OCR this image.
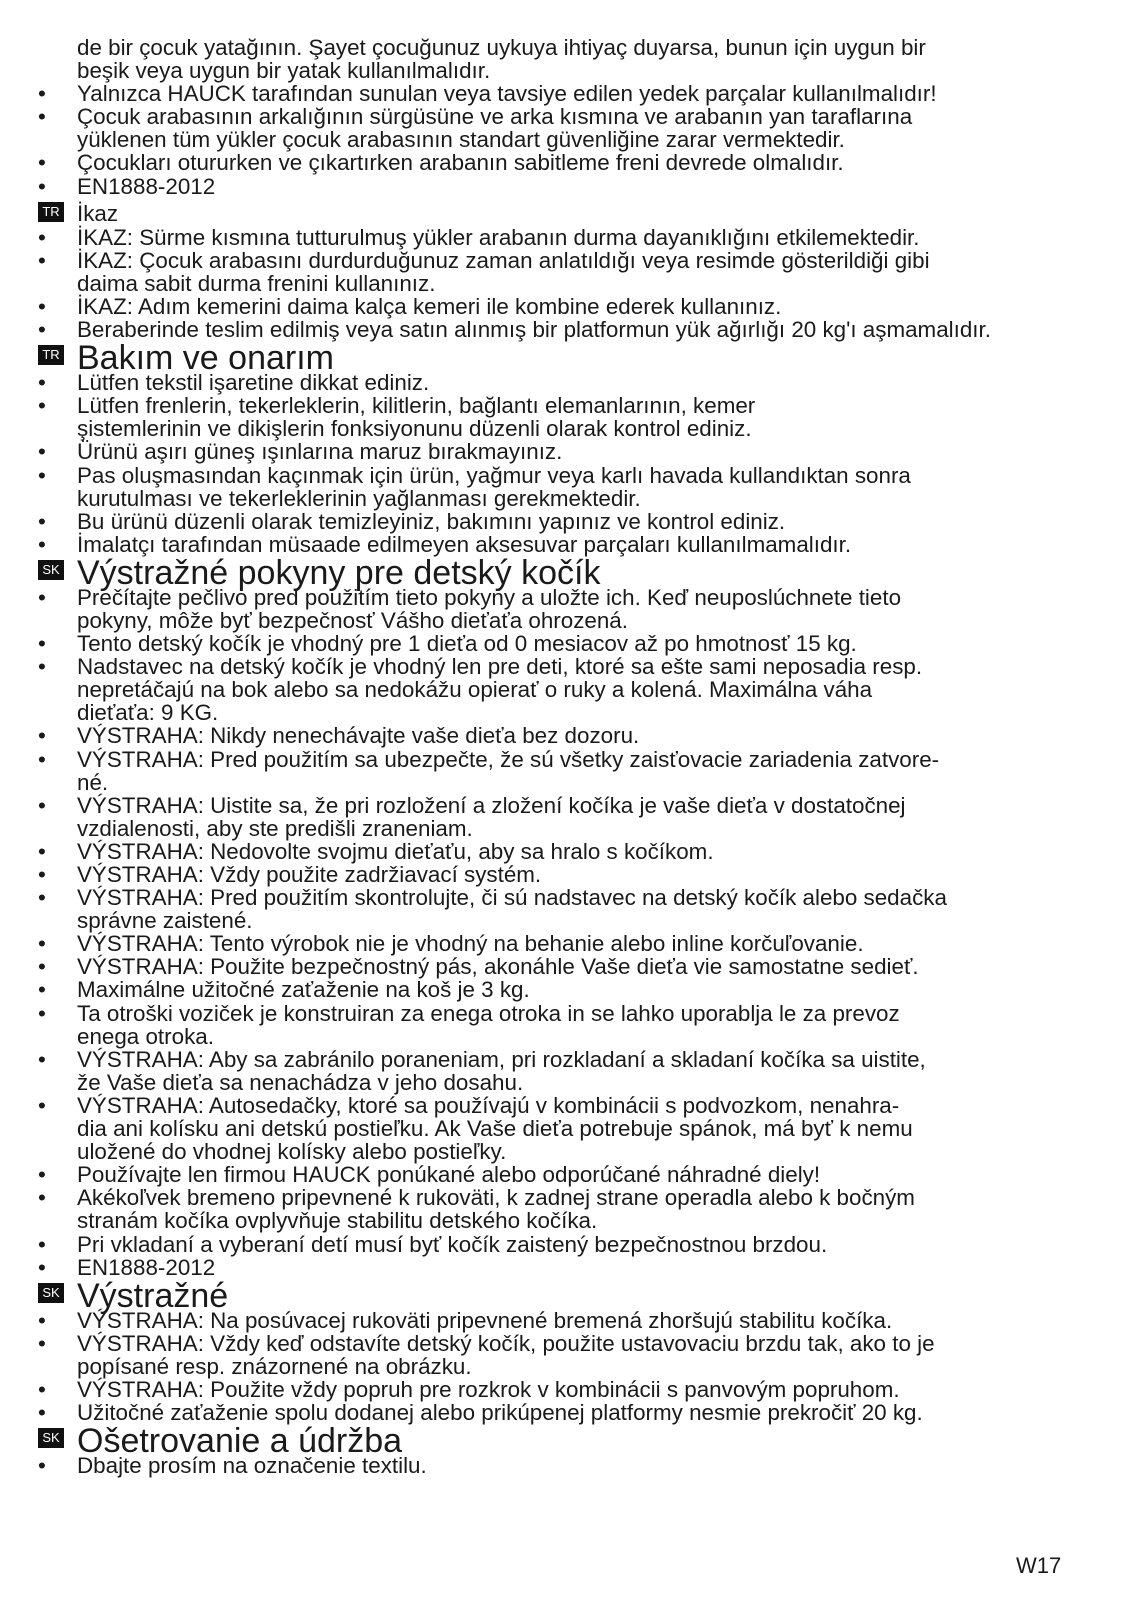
de bir çocuk yatağının. Şayet çocuğunuz uykuya ihtiyaç duyarsa, bunun için uygun bir
beşik veya uygun bir yatak kullanılmalıdır.
•
Yalnızca HAUCK tarafından sunulan veya tavsiye edilen yedek parçalar kullanılmalıdır!
•
Çocuk arabasının arkalığının sürgüsüne ve arka kısmına ve arabanın yan taraflarına
yüklenen tüm yükler çocuk arabasının standart güvenliğine zarar vermektedir.
•
Çocukları otururken ve çıkartırken arabanın sabitleme freni devrede olmalıdır.
•
EN1888-2012
TR İkaz
•
İKAZ: Sürme kısmına tutturulmuş yükler arabanın durma dayanıklığını etkilemektedir.
•
İKAZ: Çocuk arabasını durdurduğunuz zaman anlatıldığı veya resimde gösterildiği gibi
daima sabit durma frenini kullanınız.
•
İKAZ: Adım kemerini daima kalça kemeri ile kombine ederek kullanınız.
•
Beraberinde teslim edilmiş veya satın alınmış bir platformun yük ağırlığı 20 kg'ı aşmamalıdır.
TR Bakım ve onarım
•
Lütfen tekstil işaretine dikkat ediniz.
•
Lütfen frenlerin, tekerleklerin, kilitlerin, bağlantı elemanlarının, kemer
şistemlerinin ve dikişlerin fonksiyonunu düzenli olarak kontrol ediniz.
•
Ürünü aşırı güneş ışınlarına maruz bırakmayınız.
•
Pas oluşmasından kaçınmak için ürün, yağmur veya karlı havada kullandıktan sonra
kurutulması ve tekerleklerinin yağlanması gerekmektedir.
•
Bu ürünü düzenli olarak temizleyiniz, bakımını yapınız ve kontrol ediniz.
•
İmalatçı tarafından müsaade edilmeyen aksesuvar parçaları kullanılmamalıdır.
SK Výstražné pokyny pre detský kočík
•
Prečítajte pečlivo pred použitím tieto pokyny a uložte ich. Keď neuposlúchnete tieto
pokyny, môže byť bezpečnosť Vášho dieťaťa ohrozená.
•
Tento detský kočík je vhodný pre 1 dieťa od 0 mesiacov až po hmotnosť 15 kg.
•
Nadstavec na detský kočík je vhodný len pre deti, ktoré sa ešte sami neposadia resp.
nepretáčajú na bok alebo sa nedokážu opierať o ruky a kolená. Maximálna váha
dieťaťa: 9 KG.
•
VÝSTRAHA: Nikdy nenechávajte vaše dieťa bez dozoru.
•
VÝSTRAHA: Pred použitím sa ubezpečte, že sú všetky zaisťovacie zariadenia zatvore-
né.
•
VÝSTRAHA: Uistite sa, že pri rozložení a zložení kočíka je vaše dieťa v dostatočnej
vzdialenosti, aby ste predišli zraneniam.
•
VÝSTRAHA: Nedovolte svojmu dieťaťu, aby sa hralo s kočíkom.
•
VÝSTRAHA: Vždy použite zadržiavací systém.
•
VÝSTRAHA: Pred použitím skontrolujte, či sú nadstavec na detský kočík alebo sedačka
správne zaistené.
•
VÝSTRAHA: Tento výrobok nie je vhodný na behanie alebo inline korčuľovanie.
•
VÝSTRAHA: Použite bezpečnostný pás, akonáhle Vaše dieťa vie samostatne sedieť.
•
Maximálne užitočné zaťaženie na koš je 3 kg.
•
Ta otroški voziček je konstruiran za enega otroka in se lahko uporablja le za prevoz
enega otroka.
•
VÝSTRAHA: Aby sa zabránilo poraneniam, pri rozkladaní a skladaní kočíka sa uistite,
že Vaše dieťa sa nenachádza v jeho dosahu.
•
VÝSTRAHA: Autosedačky, ktoré sa používajú v kombinácii s podvozkom, nenahra-
dia ani kolísku ani detskú postieľku. Ak Vaše dieťa potrebuje spánok, má byť k nemu
uložené do vhodnej kolísky alebo postieľky.
•
Používajte len firmou HAUCK ponúkané alebo odporúčané náhradné diely!
•
Akékoľvek bremeno pripevnené k rukoväti, k zadnej strane operadla alebo k bočným
stranám kočíka ovplyvňuje stabilitu detského kočíka.
•
Pri vkladaní a vyberaní detí musí byť kočík zaistený bezpečnostnou brzdou.
•
EN1888-2012
SK Výstražné
•
VÝSTRAHA: Na posúvacej rukoväti pripevnené bremená zhoršujú stabilitu kočíka.
•
VÝSTRAHA: Vždy keď odstavíte detský kočík, použite ustavovaciu brzdu tak, ako to je
popísané resp. znázornené na obrázku.
•
VÝSTRAHA: Použite vždy popruh pre rozkrok v kombinácii s panvovým popruhom.
•
Užitočné zaťaženie spolu dodanej alebo prikúpenej platformy nesmie prekročiť 20 kg.
SK Ošetrovanie a údržba
•
Dbajte prosím na označenie textilu.
W17
